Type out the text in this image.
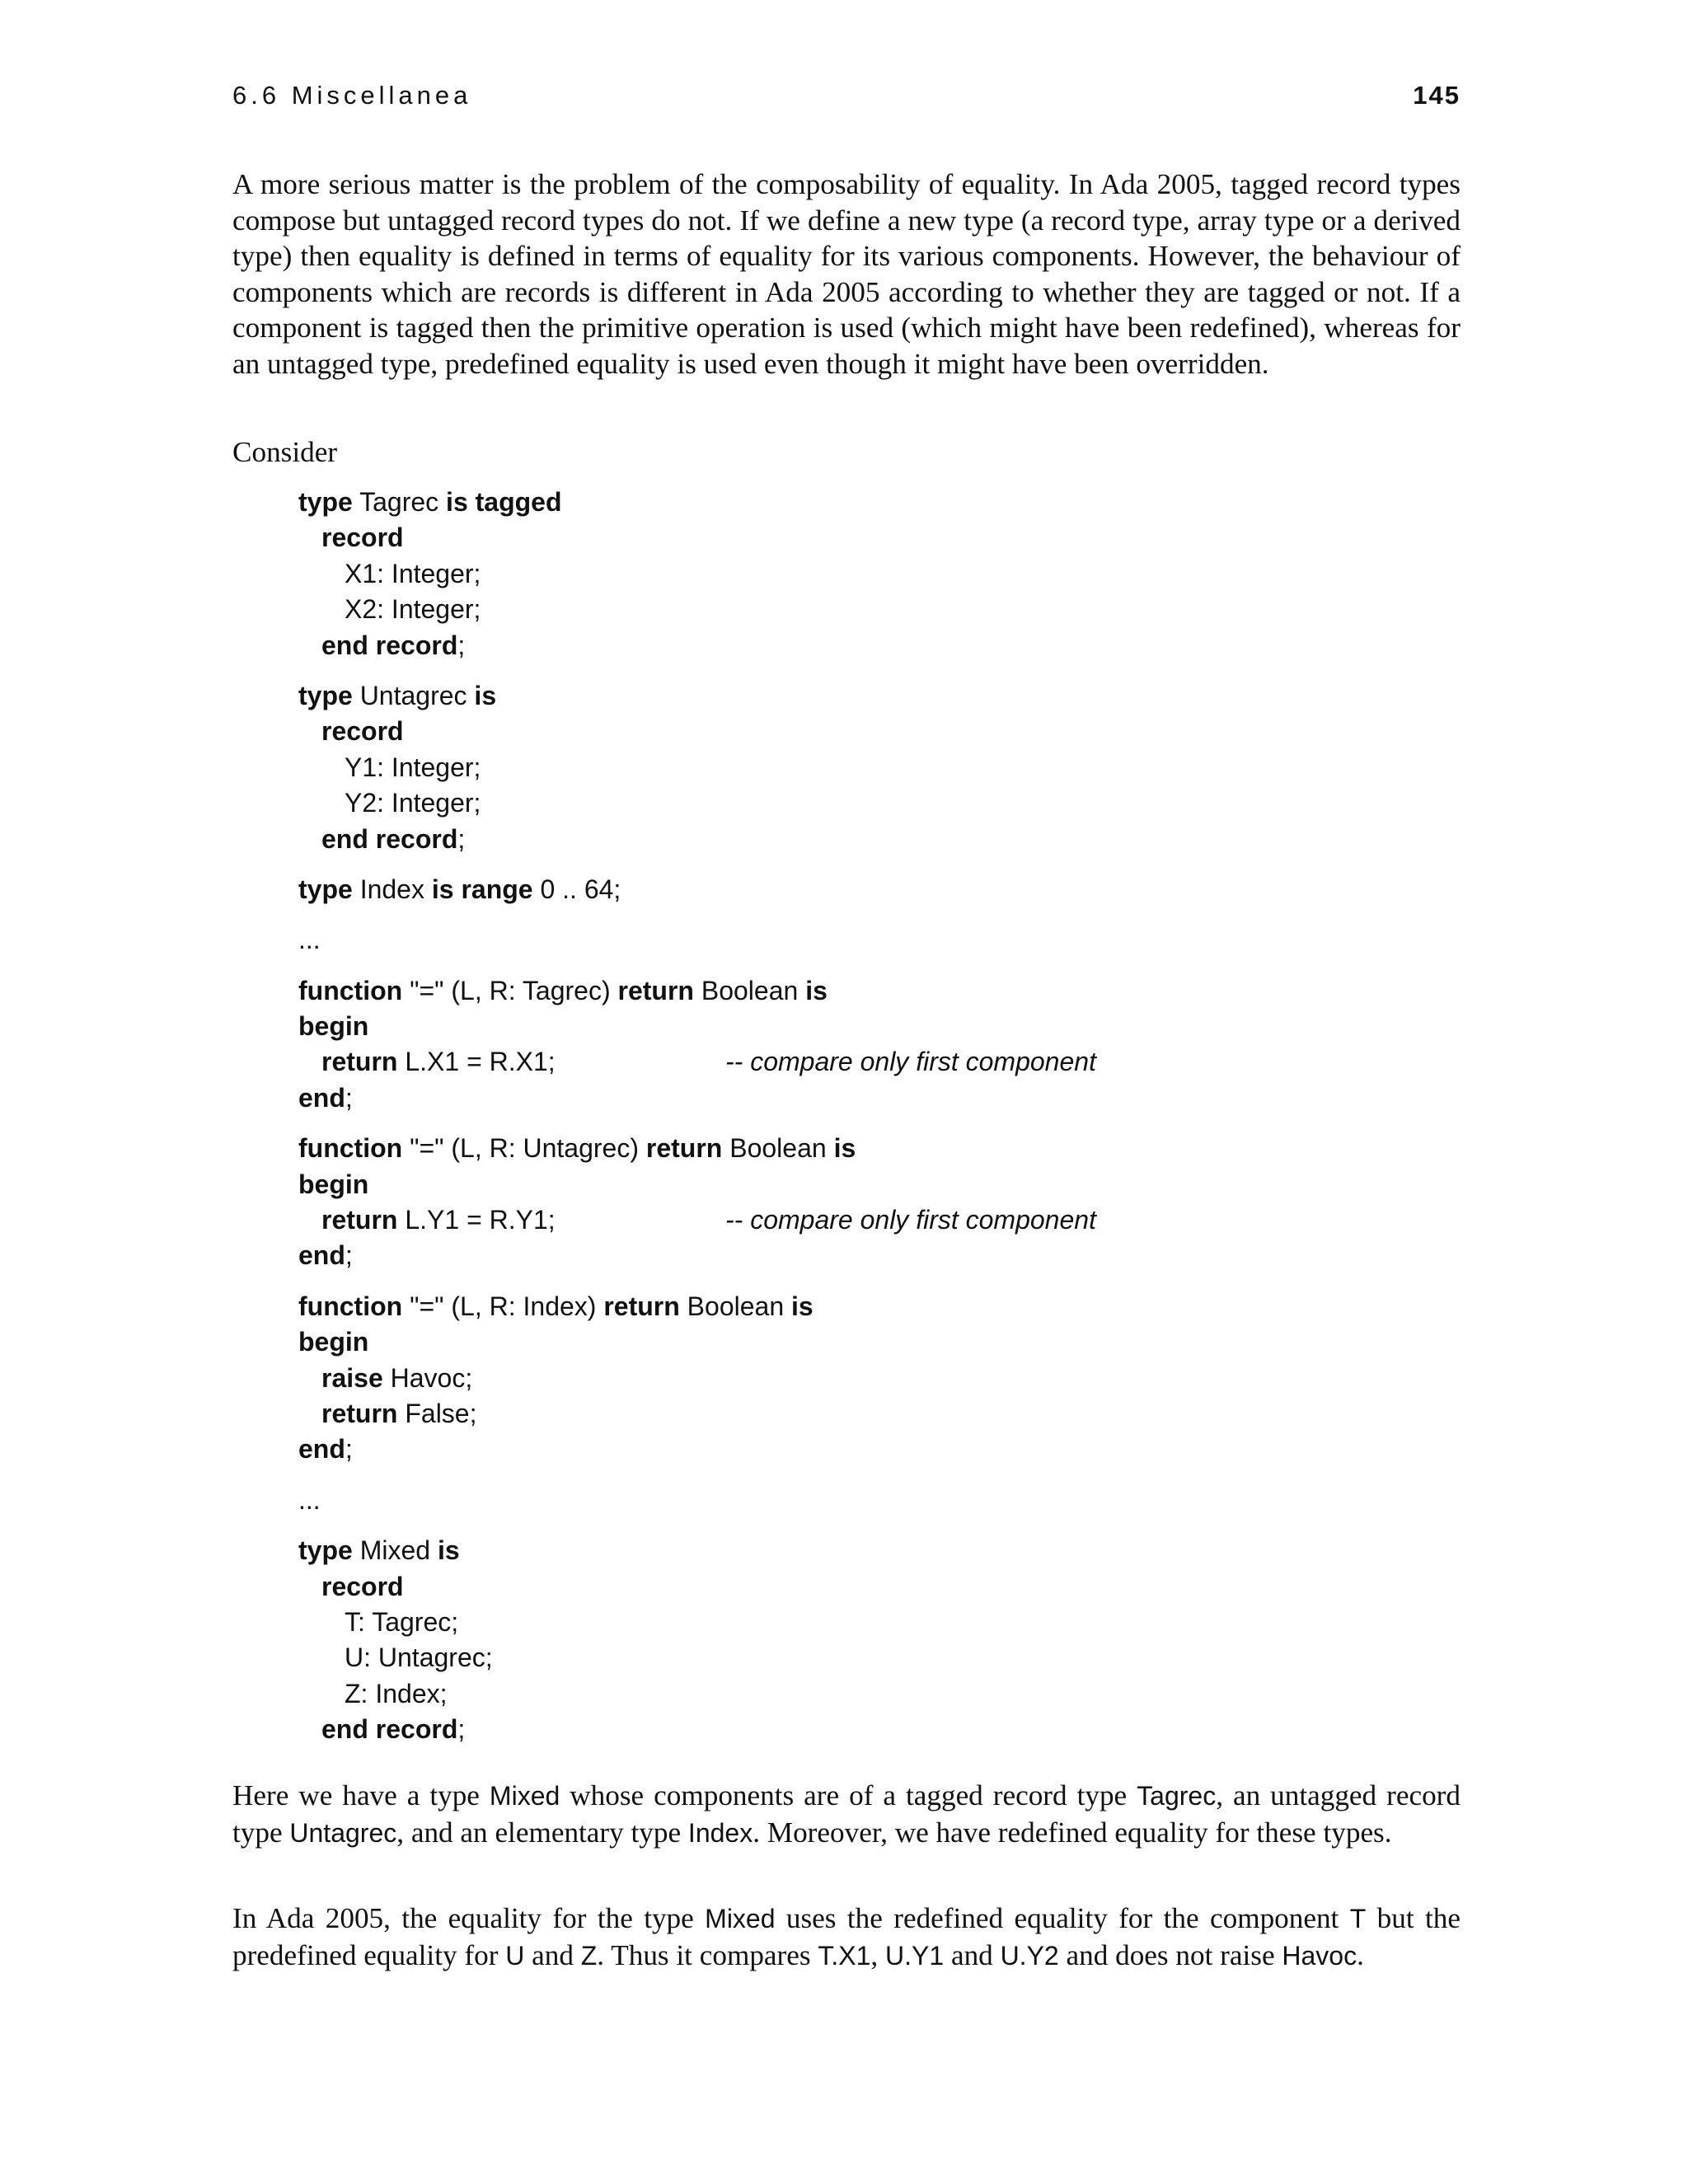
6.6 Miscellanea	145

A more serious matter is the problem of the composability of equality. In Ada 2005, tagged record types compose but untagged record types do not. If we define a new type (a record type, array type or a derived type) then equality is defined in terms of equality for its various components. However, the behaviour of components which are records is different in Ada 2005 according to whether they are tagged or not. If a component is tagged then the primitive operation is used (which might have been redefined), whereas for an untagged type, predefined equality is used even though it might have been overridden.

Consider

type Tagrec is tagged
record
X1: Integer;
X2: Integer;
end record;
type Untagrec is
record
Y1: Integer;
Y2: Integer;
end record;
type Index is range 0 .. 64;
...
function "=" (L, R: Tagrec) return Boolean is
begin
return L.X1 = R.X1;	-- compare only first component
end;
function "=" (L, R: Untagrec) return Boolean is
begin
return L.Y1 = R.Y1;	-- compare only first component
end;
function "=" (L, R: Index) return Boolean is
begin
raise Havoc;
return False;
end;
...
type Mixed is
record
T: Tagrec;
U: Untagrec;
Z: Index;
end record;

Here we have a type Mixed whose components are of a tagged record type Tagrec, an untagged record type Untagrec, and an elementary type Index. Moreover, we have redefined equality for these types.

In Ada 2005, the equality for the type Mixed uses the redefined equality for the component T but the predefined equality for U and Z. Thus it compares T.X1, U.Y1 and U.Y2 and does not raise Havoc.
